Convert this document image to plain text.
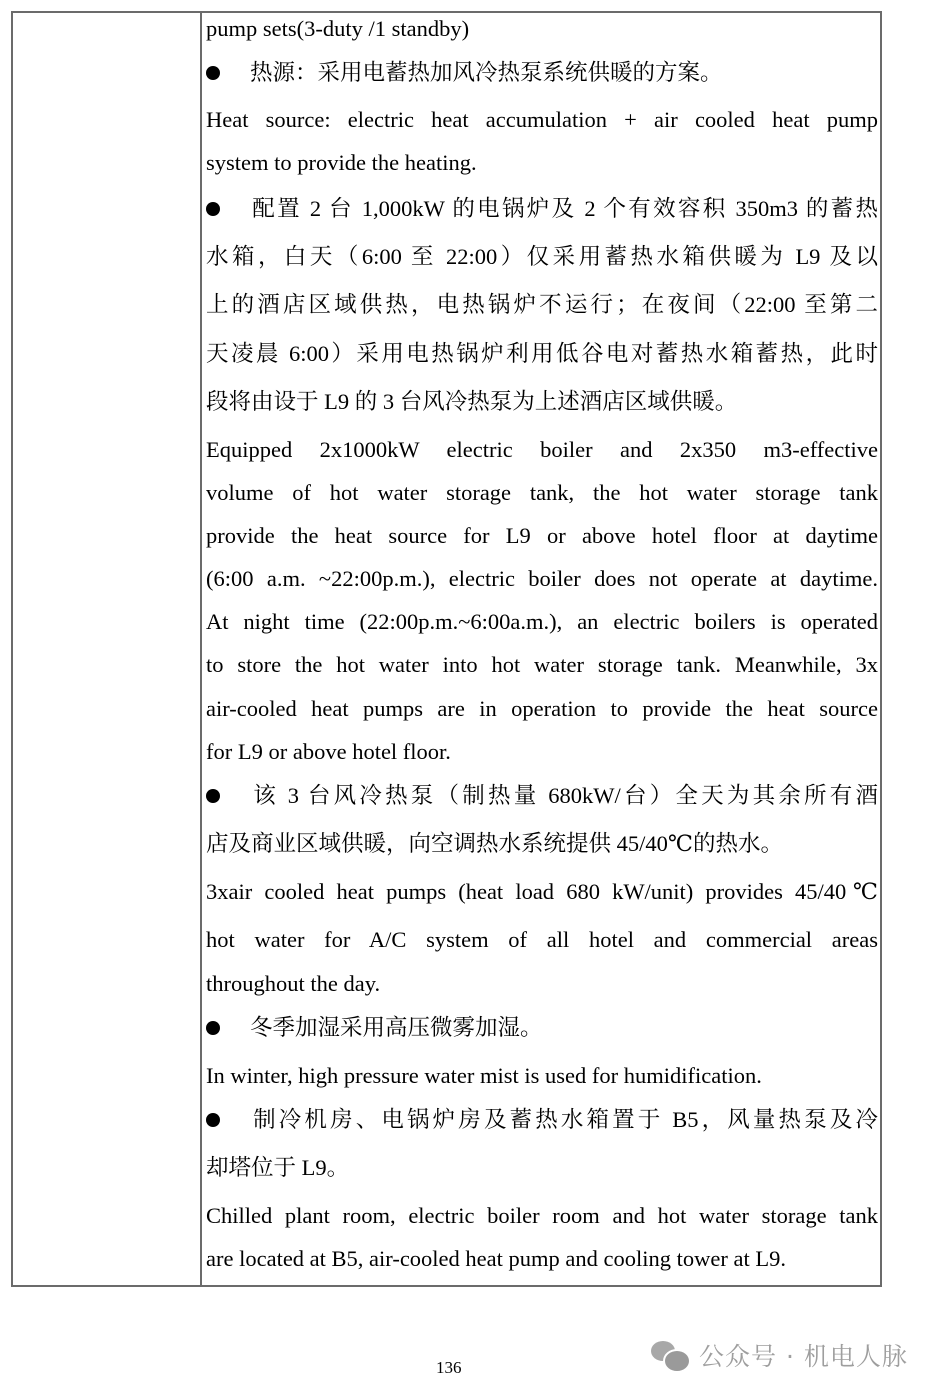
pump sets(3-duty /1 standby)
热源：采用电蓄热加风冷热泵系统供暖的方案。
Heat source: electric heat accumulation + air cooled heat pump
system to provide the heating.
配置 2 台 1,000kW 的电锅炉及 2 个有效容积 350m3 的蓄热
水箱，白天（6:00 至 22:00）仅采用蓄热水箱供暖为 L9 及以
上的酒店区域供热，电热锅炉不运行；在夜间（22:00 至第二
天凌晨 6:00）采用电热锅炉利用低谷电对蓄热水箱蓄热，此时
段将由设于 L9 的 3 台风冷热泵为上述酒店区域供暖。
Equipped 2x1000kW electric boiler and 2x350 m3-effective
volume of hot water storage tank, the hot water storage tank
provide the heat source for L9 or above hotel floor at daytime
(6:00 a.m. ~22:00p.m.), electric boiler does not operate at daytime.
At night time (22:00p.m.~6:00a.m.), an electric boilers is operated
to store the hot water into hot water storage tank. Meanwhile, 3x
air-cooled heat pumps are in operation to provide the heat source
for L9 or above hotel floor.
该 3 台风冷热泵（制热量 680kW/台）全天为其余所有酒
店及商业区域供暖，向空调热水系统提供 45/40℃的热水。
3xair cooled heat pumps (heat load 680 kW/unit) provides 45/40℃
hot water for A/C system of all hotel and commercial areas
throughout the day.
冬季加湿采用高压微雾加湿。
In winter, high pressure water mist is used for humidification.
制冷机房、电锅炉房及蓄热水箱置于 B5，风量热泵及冷
却塔位于 L9。
Chilled plant room, electric boiler room and hot water storage tank
are located at B5, air-cooled heat pump and cooling tower at L9.
136	公众号 · 机电人脉
